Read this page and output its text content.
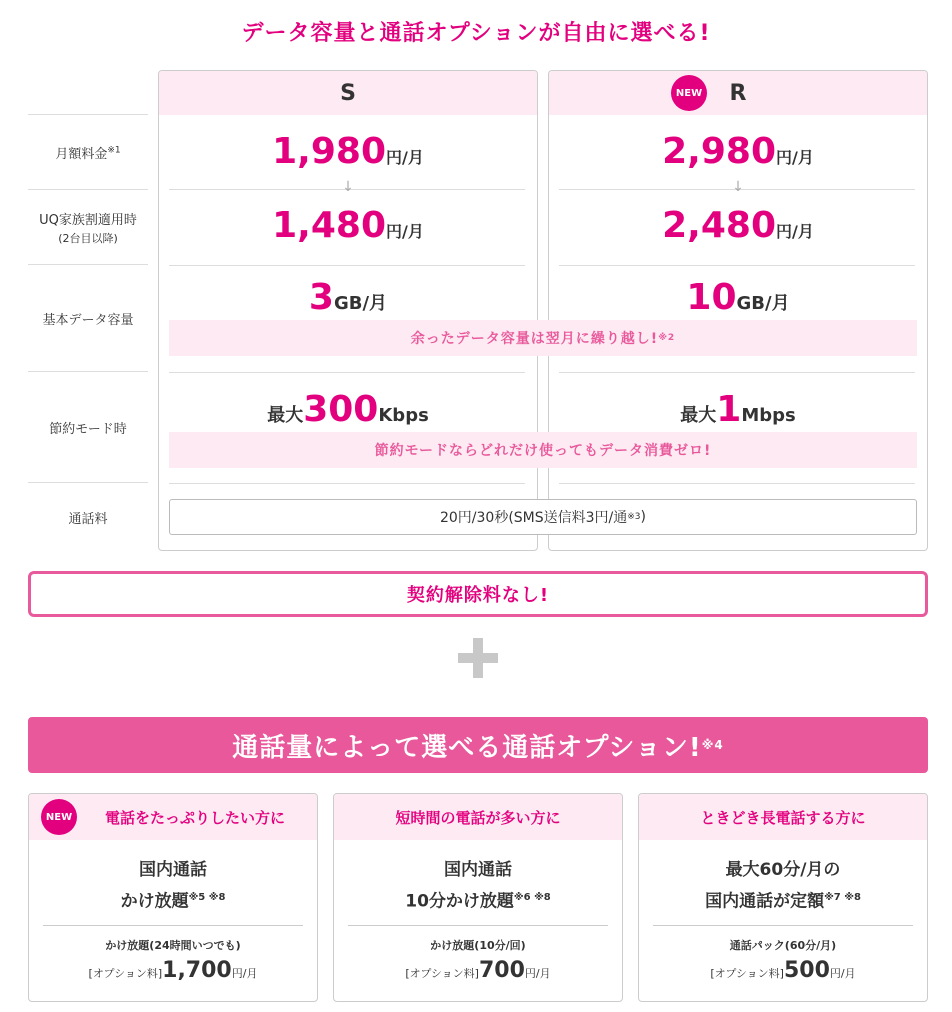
データ容量と通話オプションが自由に選べる!
月額料金$^{※1}$
UQ家族割適用時
(2台目以降)
基本データ容量
節約モード時
通話料
S
1,980円/月
↓
1,480円/月
3GB/月
最大300Kbps
NEW R
2,980円/月
↓
2,480円/月
10GB/月
最大1Mbps
余ったデータ容量は翌月に繰り越し! ※2
節約モードならどれだけ使ってもデータ消費ゼロ!
20円/30秒(SMS送信料3円/通 ※3 )
契約解除料なし!
通話量によって選べる通話オプション! ※4
NEW	電話をたっぷりしたい方に
国内通話
かけ放題$^{※5 ※8}$
かけ放題(24時間いつでも)
[オプション料]1,700円/月
短時間の電話が多い方に
国内通話
10分かけ放題$^{※6 ※8}$
かけ放題(10分/回)
[オプション料]700円/月
ときどき長電話する方に
最大60分/月の
国内通話が定額$^{※7 ※8}$
通話パック(60分/月)
[オプション料]500円/月
